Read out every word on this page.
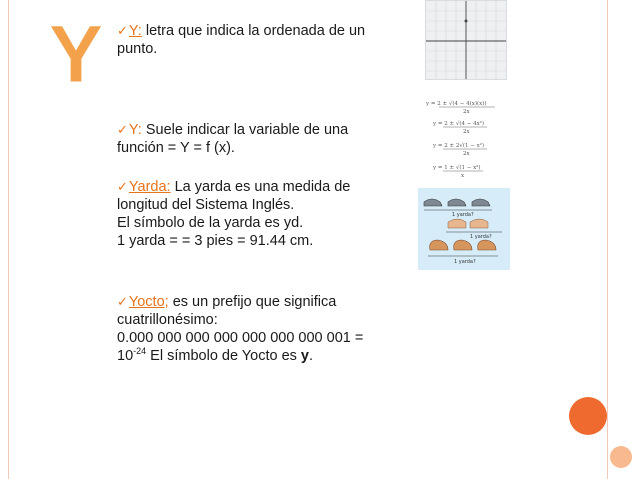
Y ✓Y: letra que indica la ordenada de un
punto.
✓Y: Suele indicar la variable de una
función = Y = f (x).
✓Yarda: La yarda es una medida de
longitud del Sistema Inglés.
El símbolo de la yarda es yd.
1 yarda = = 3 pies = 91.44 cm.
✓Yocto; es un prefijo que significa
cuatrillonésimo:
0.000 000 000 000 000 000 000 001 =
$10^{-24}$ El símbolo de Yocto es y.
y = 2 ± √(4 − 4(x)(x))
2x
y = 2 ± √(4 − 4x²)
2x
y = 2 ± 2√(1 − x²)
2x
y = 1 ± √(1 − x²)
x
1 yarda?
1 yarda?
1 yarda?
